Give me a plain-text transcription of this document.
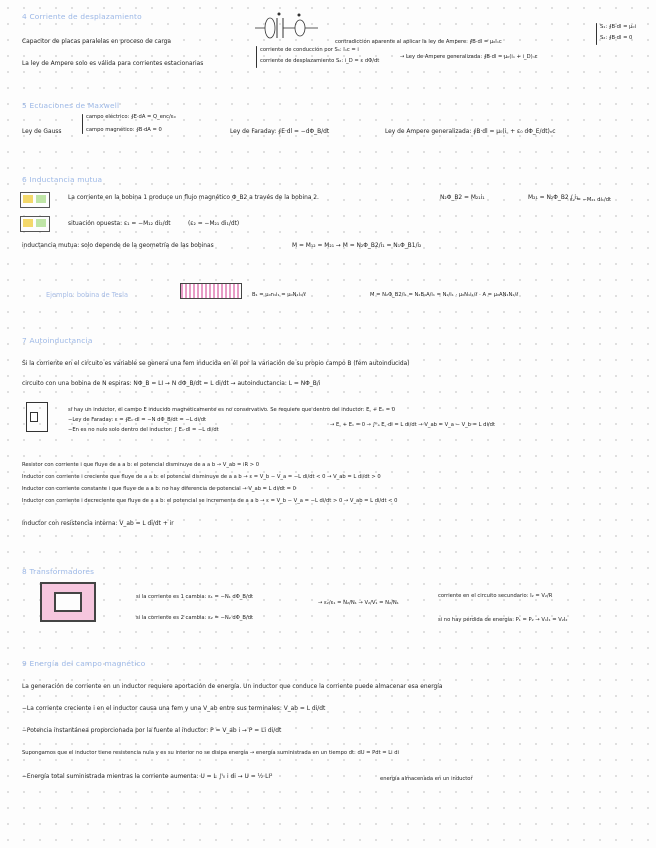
4 Corriente de desplazamiento
Capacitor de placas paralelas en proceso de carga
La ley de Ampere solo es válida para corrientes estacionarias
contradicción aparente al aplicar la ley de Ampere: ∮B·dl = μ₀Iₙc
corriente de conducción por S₁: Iₙc = i
corriente de desplazamiento S₂: i_D = ε dΦ/dt
→ Ley de Ampere generalizada: ∮B·dl = μ₀(iₙ + i_D)ₙc
S₁: ∮B·dl = μ₀i
S₂: ∮B·dl = 0
5 Ecuaciones de Maxwell
Ley de Gauss
campo eléctrico: ∮E·dA = Q_enc/ε₀
campo magnético: ∮B·dA = 0	Ley de Faraday: ∮E·dl = −dΦ_B/dt	Ley de Ampere generalizada: ∮B·dl = μ₀(i꜀ + ε₀ dΦ_E/dt)ₙc
6 Inductancia mutua
La corriente en la bobina 1 produce un flujo magnético Φ_B2 a través de la bobina 2.	N₂Φ_B2 = M₂₁i₁	M₂₁ = N₂Φ_B2 / i₁
ε₂ = −M₂₁ di₁/dt
situación opuesta: ε₁ = −M₁₂ di₂/dt	(ε₂ = −M₂₁ di₁/dt)
inductancia mutua: solo depende de la geometría de las bobinas	M = M₁₂ = M₂₁ → M = N₂Φ_B2/i₁ = N₁Φ_B1/i₂
Ejemplo: bobina de Tesla	B₁ = μ₀n₁i₁ = μ₀N₁i₁/ℓ	M = N₂Φ_B2/i₁ = N₂B₁A/i₁ = N₂/i₁ · μ₀N₁i₁/ℓ · A = μ₀AN₁N₂/ℓ
7 Autoinductancia
Si la corriente en el circuito es variable se genera una fem inducida en él por la variación de su propio campo B (fem autoinducida)
circuito con una bobina de N espiras: NΦ_B = LI → N dΦ_B/dt = L di/dt → autoinductancia: L = NΦ_B/i
si hay un inductor, el campo E inducido magnéticamente es no conservativo. Se requiere que dentro del inductor: E꜀ + Eₙ = 0
−Ley de Faraday: ε = ∮Eₙ·dl = −N dΦ_B/dt = −L di/dt
→ E꜀ + Eₙ = 0 → ∫ᵇₐ E꜀·dl = L di/dt → V_ab = V_a − V_b = L di/dt
−En es no nulo solo dentro del inductor: ∫ Eₙ·dl = −L di/dt
Resistor con corriente i que fluye de a a b: el potencial disminuye de a a b → V_ab = iR > 0
Inductor con corriente i creciente que fluye de a a b: el potencial disminuye de a a b → ε = V_b − V_a = −L di/dt < 0 → V_ab = L di/dt > 0
Inductor con corriente constante i que fluye de a a b: no hay diferencia de potencial → V_ab = L di/dt = 0
Inductor con corriente i decreciente que fluye de a a b: el potencial se incrementa de a a b → ε = V_b − V_a = −L di/dt > 0 → V_ab = L di/dt < 0
Inductor con resistencia interna: V_ab = L di/dt + ir
8 Transformadores
si la corriente es 1 cambia: ε₁ = −N₁ dΦ_B/dt
→ ε₂/ε₁ = N₂/N₁ → V₂/V₁ = N₂/N₁
corriente en el circuito secundario: I₂ = V₂/R
si la corriente es 2 cambia: ε₂ = −N₂ dΦ_B/dt	si no hay pérdida de energía: P₁ = P₂ → V₁I₁ = V₂I₂
9 Energía del campo magnético
La generación de corriente en un inductor requiere aportación de energía. Un inductor que conduce la corriente puede almacenar esa energía
−La corriente creciente i en el inductor causa una fem y una V_ab entre sus terminales: V_ab = L di/dt
−Potencia instantánea proporcionada por la fuente al inductor: P = V_ab i → P = Li di/dt
Supongamos que el inductor tiene resistencia nula y es su interior no se disipa energía → energía suministrada en un tiempo dt: dU = Pdt = Li di
−Energía total suministrada mientras la corriente aumenta: U = L ∫ᴵ₀ i di → U = ½ LI²	energía almacenada en un inductor
